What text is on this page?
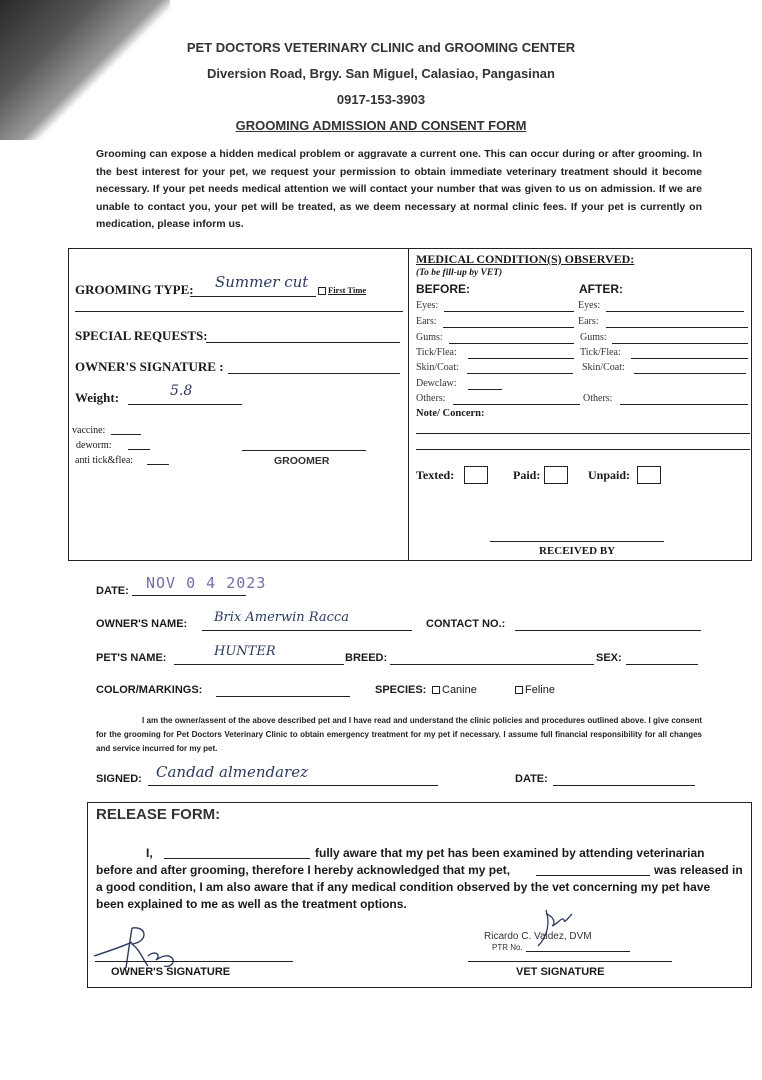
PET DOCTORS VETERINARY CLINIC and GROOMING CENTER
Diversion Road, Brgy. San Miguel, Calasiao, Pangasinan
0917-153-3903
GROOMING ADMISSION AND CONSENT FORM
Grooming can expose a hidden medical problem or aggravate a current one. This can occur during or after grooming. In the best interest for your pet, we request your permission to obtain immediate veterinary treatment should it become necessary. If your pet needs medical attention we will contact your number that was given to us on admission. If we are unable to contact you, your pet will be treated, as we deem necessary at normal clinic fees. If your pet is currently on medication, please inform us.
GROOMING TYPE: Summer cut	First Time
SPECIAL REQUESTS:
OWNER'S SIGNATURE :
Weight:	5.8
vaccine:
deworm:
anti tick&flea:	GROOMER
MEDICAL CONDITION(S) OBSERVED:
(To be fill-up by VET)
BEFORE:	AFTER:
Eyes:	Eyes:
Ears:	Ears:
Gums:	Gums:
Tick/Flea:	Tick/Flea:
Skin/Coat:	Skin/Coat:
Dewclaw:
Others:	Others:
Note/ Concern:
Texted:	Paid:	Unpaid:
RECEIVED BY
DATE: NOV 0 4 2023
OWNER'S NAME: Brix Amerwin Racca	CONTACT NO.:
PET'S NAME:	HUNTER	BREED:	SEX:
COLOR/MARKINGS:	SPECIES:	Canine	Feline
I am the owner/assent of the above described pet and I have read and understand the clinic policies and procedures outlined above. I give consent for the grooming for Pet Doctors Veterinary Clinic to obtain emergency treatment for my pet if necessary. I assume full financial responsibility for all changes and service incurred for my pet.
SIGNED: Candad almendarez	DATE:
RELEASE FORM:
I,	fully aware that my pet has been examined by attending veterinarian
before and after grooming, therefore I hereby acknowledged that my pet,	was released in
a good condition, I am also aware that if any medical condition observed by the vet concerning my pet have
been explained to me as well as the treatment options.
Ricardo C. Valdez, DVM
PTR No.
OWNER'S SIGNATURE	VET SIGNATURE
